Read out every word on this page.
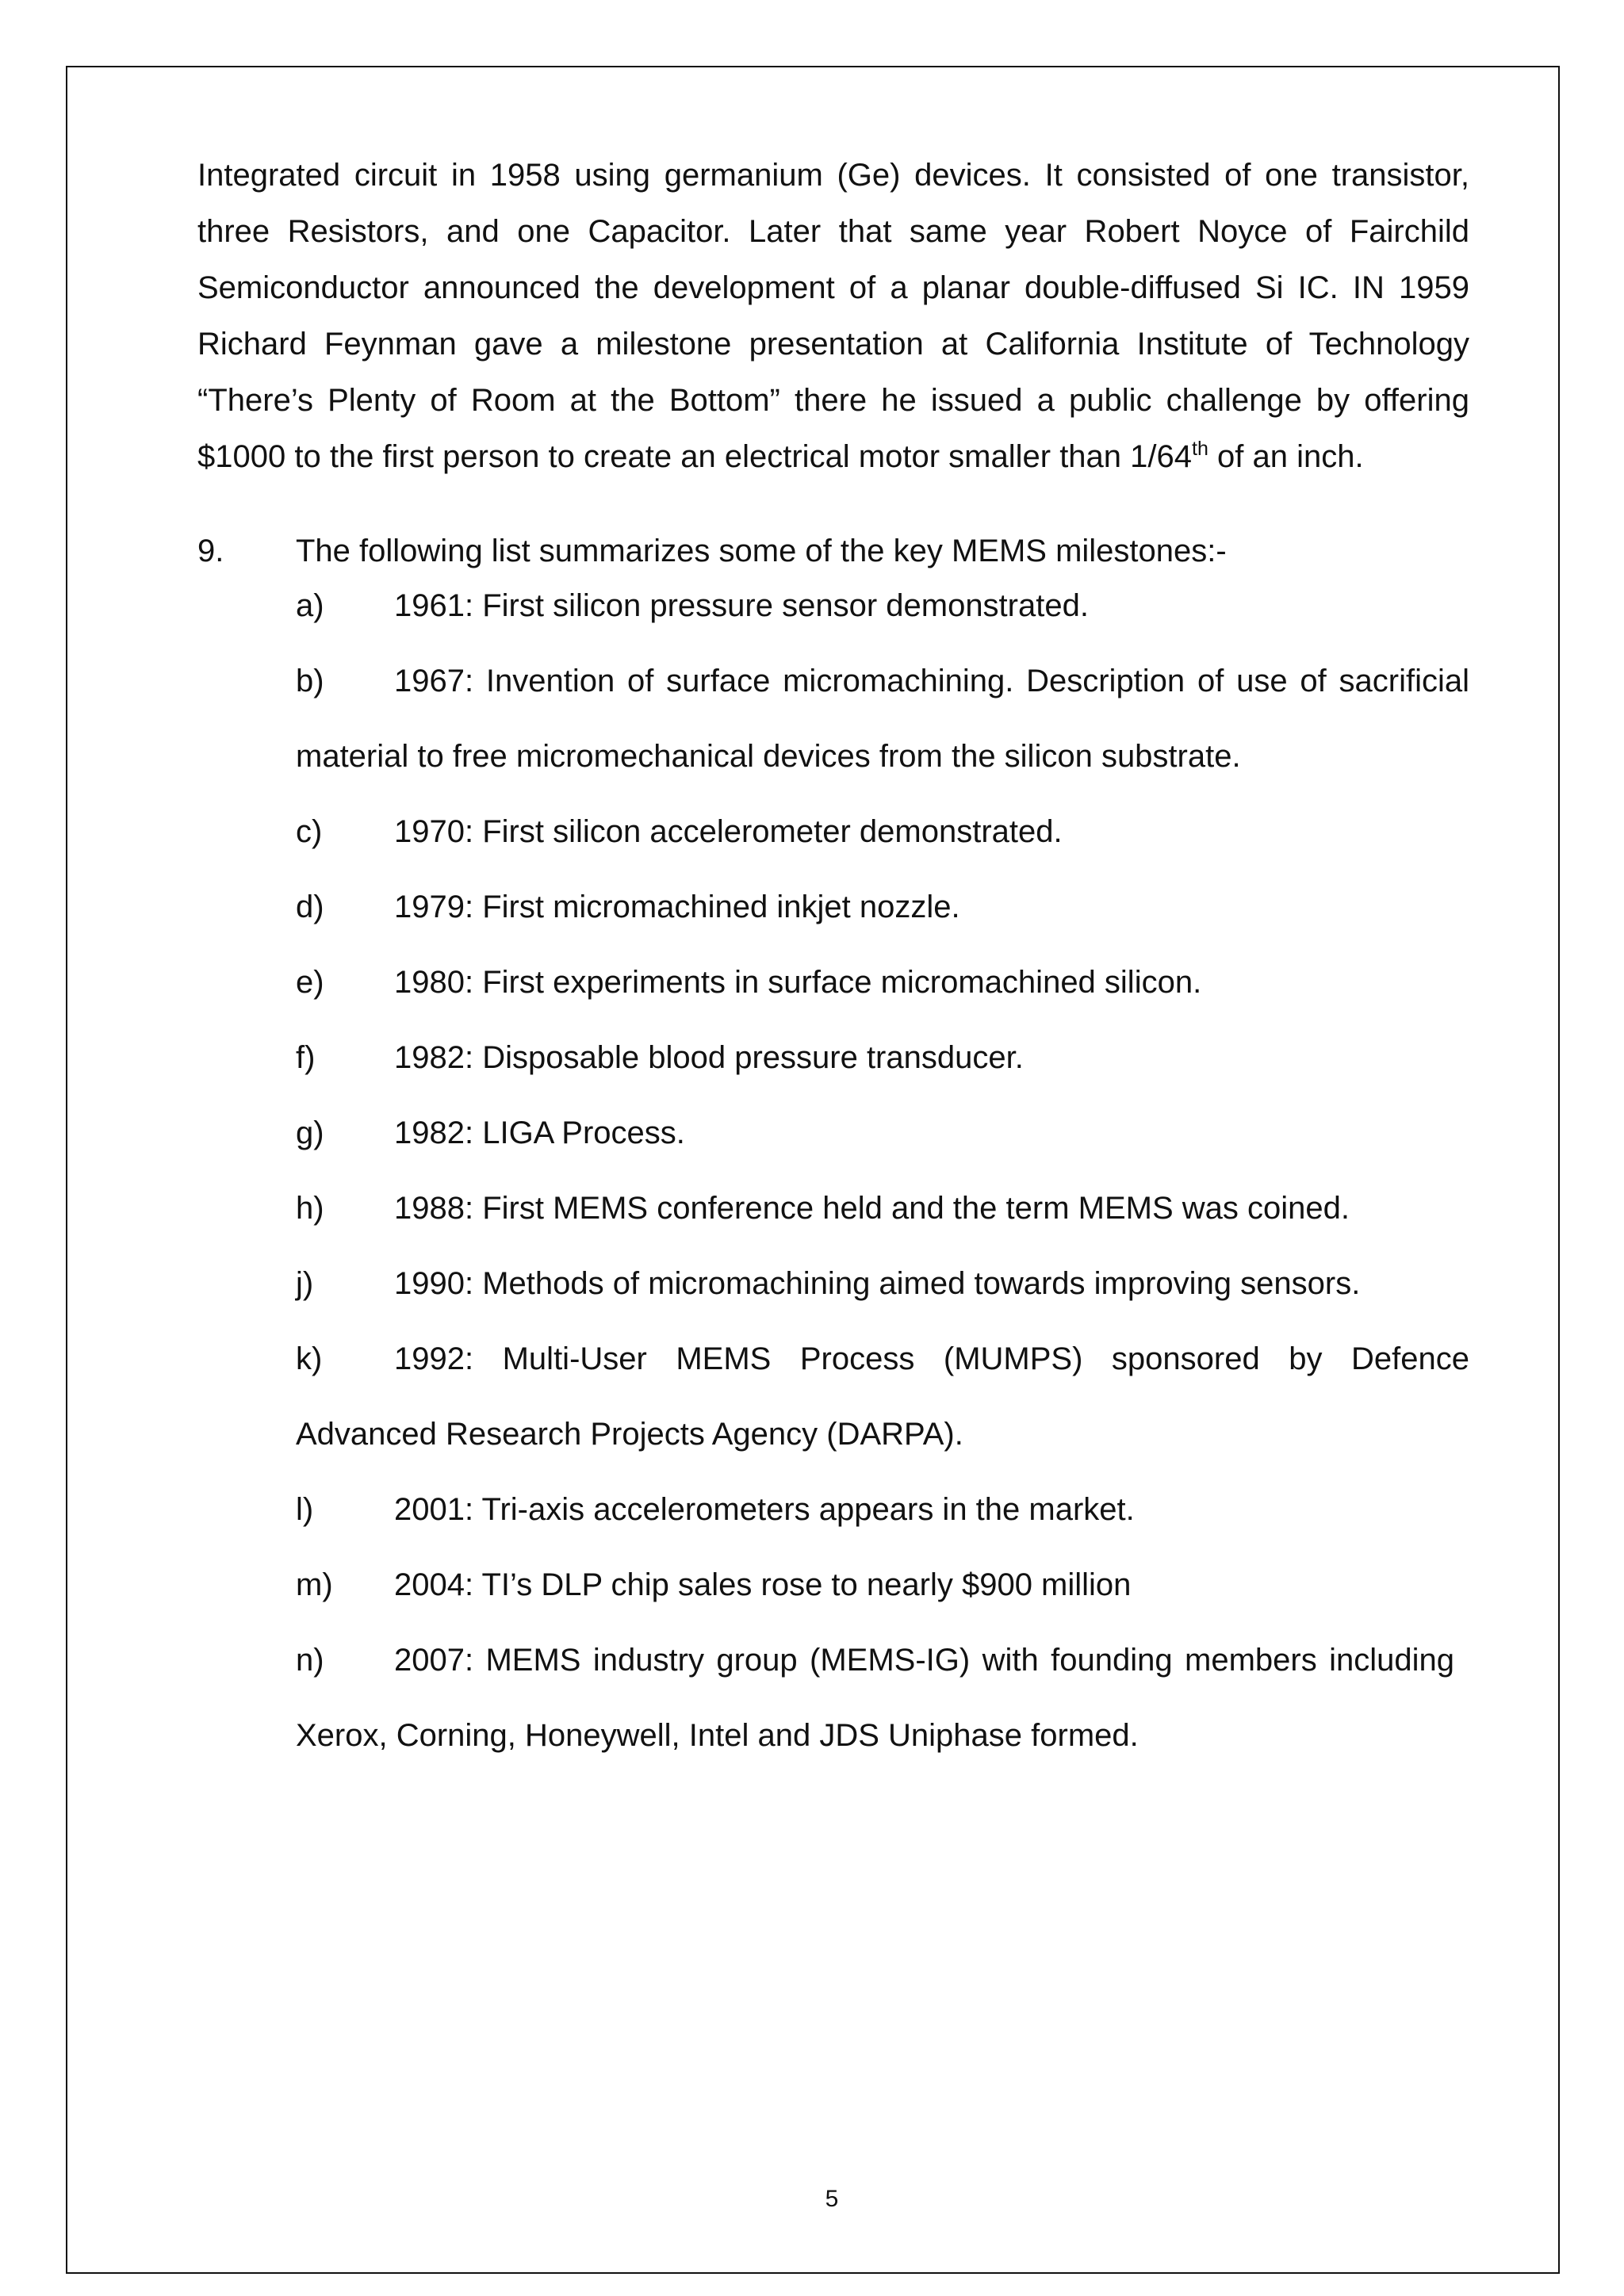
Integrated circuit in 1958 using germanium (Ge) devices. It consisted of one transistor,
three Resistors, and one Capacitor. Later that same year Robert Noyce of Fairchild
Semiconductor announced the development of a planar double-diffused Si IC. IN 1959
Richard Feynman gave a milestone presentation at California Institute of Technology
“There’s Plenty of Room at the Bottom” there he issued a public challenge by offering
$1000 to the first person to create an electrical motor smaller than 1/64th of an inch.
9. The following list summarizes some of the key MEMS milestones:-
a) 1961: First silicon pressure sensor demonstrated.
b) 1967: Invention of surface micromachining. Description of use of sacrificial
material to free micromechanical devices from the silicon substrate.
c) 1970: First silicon accelerometer demonstrated.
d) 1979: First micromachined inkjet nozzle.
e) 1980: First experiments in surface micromachined silicon.
f) 1982: Disposable blood pressure transducer.
g) 1982: LIGA Process.
h) 1988: First MEMS conference held and the term MEMS was coined.
j)	1990: Methods of micromachining aimed towards improving sensors.
k) 1992: Multi-User MEMS Process (MUMPS) sponsored by Defence
Advanced Research Projects Agency (DARPA).
l)	2001: Tri-axis accelerometers appears in the market.
m) 2004: TI’s DLP chip sales rose to nearly $900 million
n) 2007: MEMS industry group (MEMS-IG) with founding members including
Xerox, Corning, Honeywell, Intel and JDS Uniphase formed.
5
